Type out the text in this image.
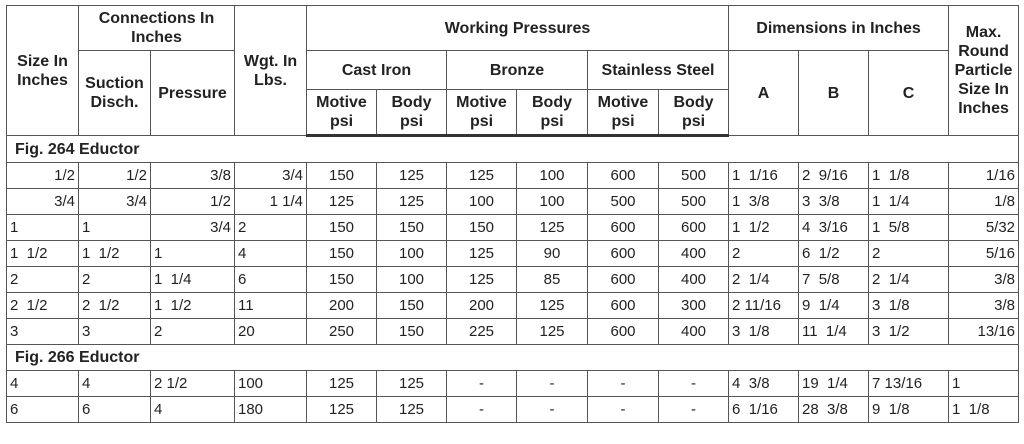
Size In Inches	Connections In Inches		Wgt. In Lbs.	Working Pressures						Dimensions in Inches			Max. Round Particle Size In Inches
	Suction Disch.	Pressure		Cast Iron		Bronze		Stainless Steel		A	B	C	
				Motive psi	Body psi	Motive psi	Body psi	Motive psi	Body psi				
Fig. 264 Eductor													
1/2	1/2	3/8	3/4	150	125	125	100	600	500	1  1/16	2  9/16	1  1/8	1/16
3/4	3/4	1/2	1 1/4	125	125	100	100	500	500	1  3/8	3  3/8	1  1/4	1/8
1	1	3/4	2	150	150	150	125	600	600	1  1/2	4  3/16	1  5/8	5/32
1  1/2	1  1/2	1	4	150	100	125	90	600	400	2	6  1/2	2	5/16
2	2	1  1/4	6	150	100	125	85	600	400	2  1/4	7  5/8	2  1/4	3/8
2  1/2	2  1/2	1  1/2	11	200	150	200	125	600	300	2 11/16	9  1/4	3  1/8	3/8
3	3	2	20	250	150	225	125	600	400	3  1/8	11  1/4	3  1/2	13/16
Fig. 266 Eductor													
4	4	2 1/2	100	125	125	-	-	-	-	4  3/8	19  1/4	7 13/16	1
6	6	4	180	125	125	-	-	-	-	6  1/16	28  3/8	9  1/8	1  1/8
